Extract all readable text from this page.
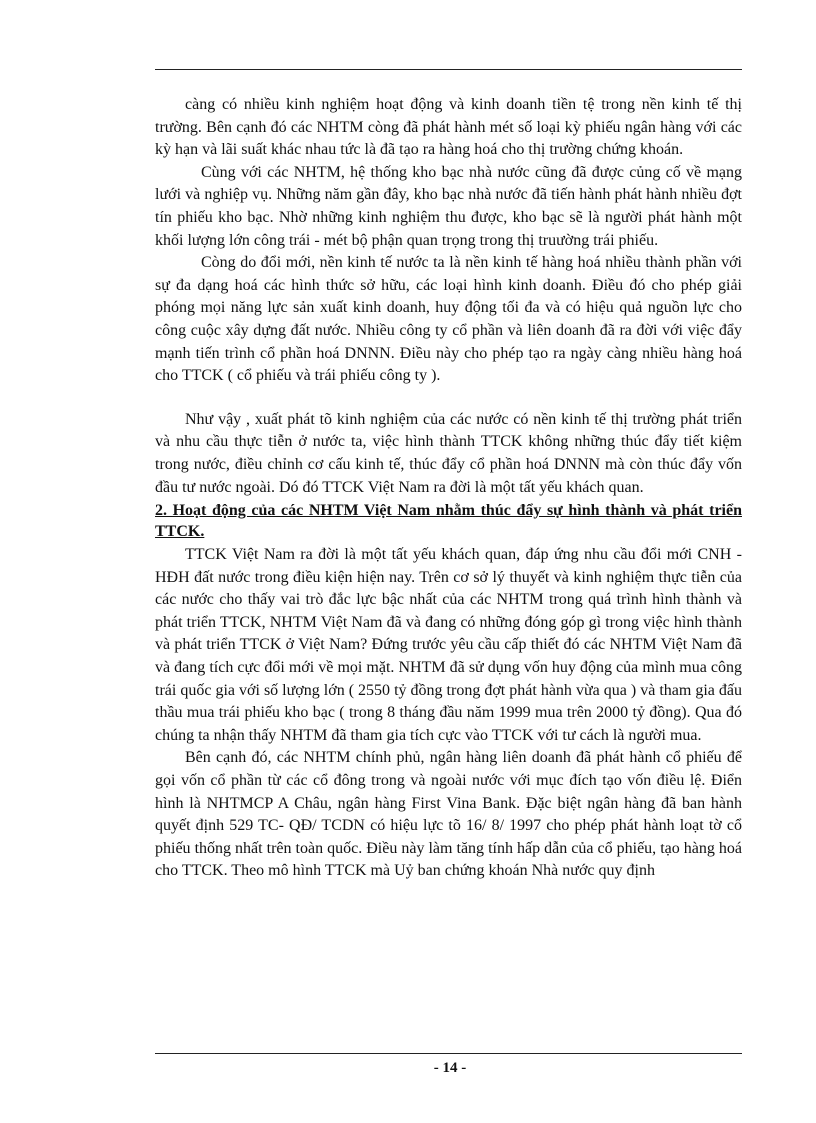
càng có nhiều kinh nghiệm hoạt động và kinh doanh tiền tệ trong nền kinh tế thị trường. Bên cạnh đó các NHTM còng đã phát hành mét số loại kỳ phiếu ngân hàng với các kỳ hạn và lãi suất khác nhau tức là đã tạo ra hàng hoá cho thị trường chứng khoán.

Cùng với các NHTM, hệ thống kho bạc nhà nước cũng đã được củng cố về mạng lưới và nghiệp vụ. Những năm gần đây, kho bạc nhà nước đã tiến hành phát hành nhiều đợt tín phiếu kho bạc. Nhờ những kinh nghiệm thu được, kho bạc sẽ là người phát hành một khối lượng lớn công trái - mét bộ phận quan trọng trong thị truường trái phiếu.

Còng do đổi mới, nền kinh tế nước ta là nền kinh tế hàng hoá nhiều thành phần với sự đa dạng hoá các hình thức sở hữu, các loại hình kinh doanh. Điều đó cho phép giải phóng mọi năng lực sản xuất kinh doanh, huy động tối đa và có hiệu quả nguồn lực cho công cuộc xây dựng đất nước. Nhiều công ty cổ phần và liên doanh đã ra đời với việc đẩy mạnh tiến trình cổ phần hoá DNNN. Điều này cho phép tạo ra ngày càng nhiều hàng hoá cho TTCK ( cổ phiếu và trái phiếu công ty ).

Như vậy , xuất phát tõ kinh nghiệm của các nước có nền kinh tế thị trường phát triển và nhu cầu thực tiễn ở nước ta, việc hình thành TTCK không những thúc đẩy tiết kiệm trong nước, điều chỉnh cơ cấu kinh tế, thúc đẩy cổ phần hoá DNNN mà còn thúc đẩy vốn đầu tư nước ngoài. Dó đó TTCK Việt Nam ra đời là một tất yếu khách quan.

2. Hoạt động của các NHTM Việt Nam nhằm thúc đẩy sự hình thành và phát triển TTCK.

TTCK Việt Nam ra đời là một tất yếu khách quan, đáp ứng nhu cầu đổi mới CNH - HĐH đất nước trong điều kiện hiện nay. Trên cơ sở lý thuyết và kinh nghiệm thực tiễn của các nước cho thấy vai trò đắc lực bậc nhất của các NHTM trong quá trình hình thành và phát triển TTCK, NHTM Việt Nam đã và đang có những đóng góp gì trong việc hình thành và phát triển TTCK ở Việt Nam? Đứng trước yêu cầu cấp thiết đó các NHTM Việt Nam đã và đang tích cực đổi mới về mọi mặt. NHTM đã sử dụng vốn huy động của mình mua công trái quốc gia với số lượng lớn ( 2550 tỷ đồng trong đợt phát hành vừa qua ) và tham gia đấu thầu mua trái phiếu kho bạc ( trong 8 tháng đầu năm 1999 mua trên 2000 tỷ đồng). Qua đó chúng ta nhận thấy NHTM đã tham gia tích cực vào TTCK với tư cách là người mua.

Bên cạnh đó, các NHTM chính phủ, ngân hàng liên doanh đã phát hành cổ phiếu để gọi vốn cổ phần từ các cổ đông trong và ngoài nước với mục đích tạo vốn điều lệ. Điển hình là NHTMCP A Châu, ngân hàng First Vina Bank. Đặc biệt ngân hàng đã ban hành quyết định 529 TC- QĐ/ TCDN có hiệu lực tõ 16/ 8/ 1997 cho phép phát hành loạt tờ cổ phiếu thống nhất trên toàn quốc. Điều này làm tăng tính hấp dẫn của cổ phiếu, tạo hàng hoá cho TTCK. Theo mô hình TTCK mà Uỷ ban chứng khoán Nhà nước quy định

- 14 -
